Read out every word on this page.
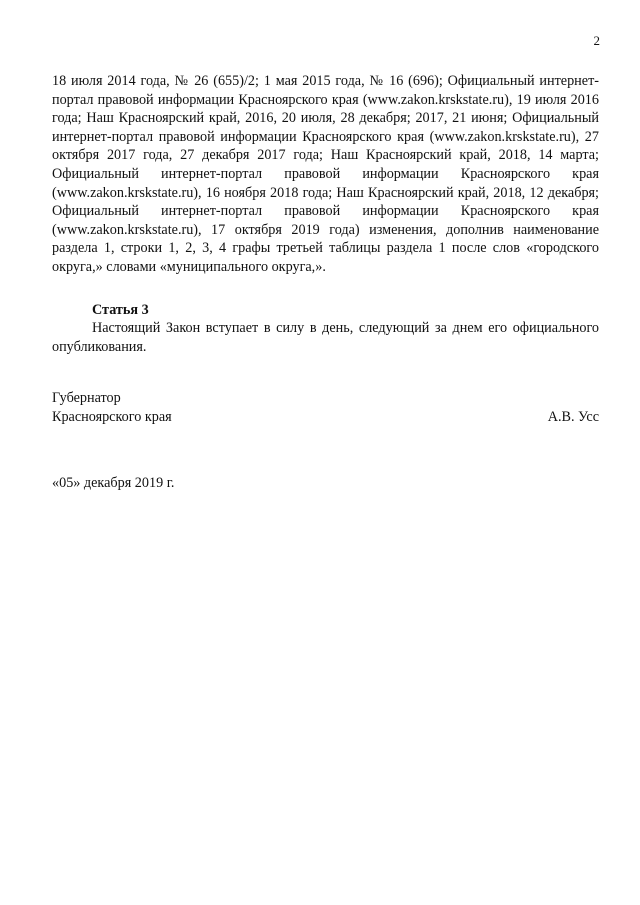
2

18 июля 2014 года, № 26 (655)/2; 1 мая 2015 года, № 16 (696); Официальный интернет-портал правовой информации Красноярского края (www.zakon.krskstate.ru), 19 июля 2016 года; Наш Красноярский край, 2016, 20 июля, 28 декабря; 2017, 21 июня; Официальный интернет-портал правовой информации Красноярского края (www.zakon.krskstate.ru), 27 октября 2017 года, 27 декабря 2017 года; Наш Красноярский край, 2018, 14 марта; Официальный интернет-портал правовой информации Красноярского края (www.zakon.krskstate.ru), 16 ноября 2018 года; Наш Красноярский край, 2018, 12 декабря; Официальный интернет-портал правовой информации Красноярского края (www.zakon.krskstate.ru), 17 октября 2019 года) изменения, дополнив наименование раздела 1, строки 1, 2, 3, 4 графы третьей таблицы раздела 1 после слов «городского округа,» словами «муниципального округа,».

Статья 3

Настоящий Закон вступает в силу в день, следующий за днем его официального опубликования.

Губернатор
Красноярского края	А.В. Усс
«05» декабря 2019 г.
